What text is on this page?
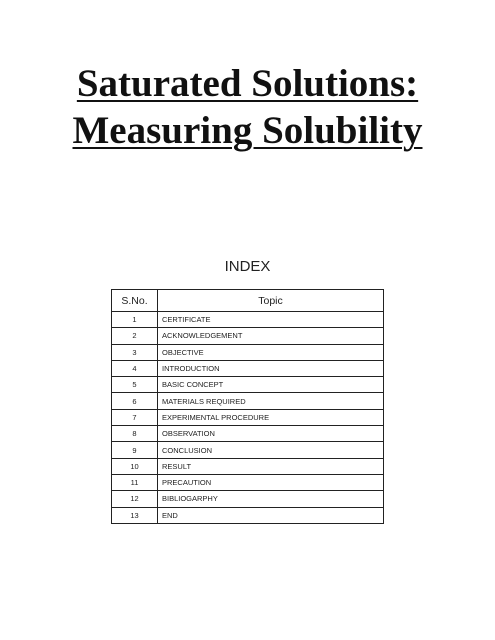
Saturated Solutions:
Measuring Solubility
INDEX
S.No.	Topic
1	CERTIFICATE
2	ACKNOWLEDGEMENT
3	OBJECTIVE
4	INTRODUCTION
5	BASIC CONCEPT
6	MATERIALS REQUIRED
7	EXPERIMENTAL PROCEDURE
8	OBSERVATION
9	CONCLUSION
10	RESULT
11	PRECAUTION
12	BIBLIOGARPHY
13	END
